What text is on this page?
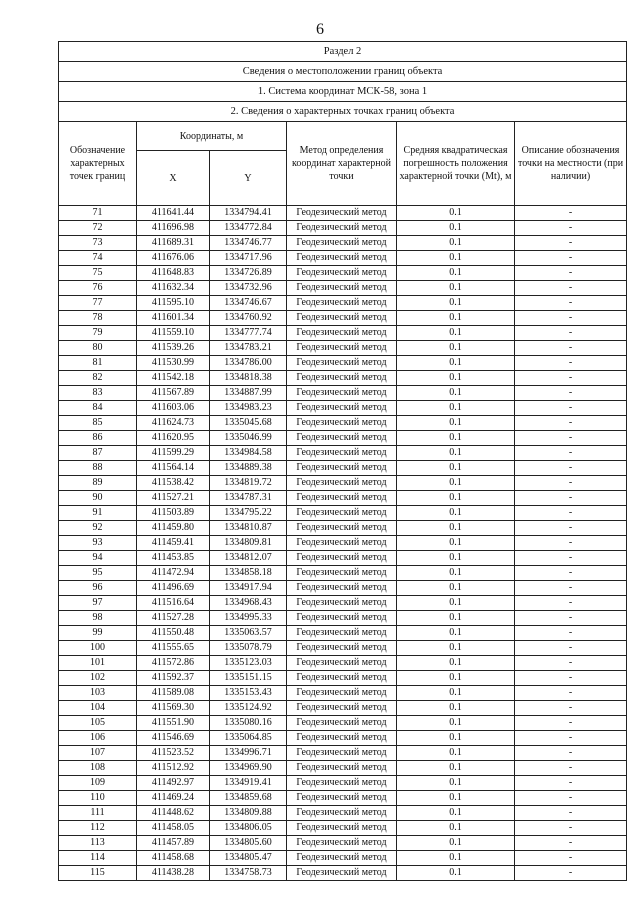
6
Раздел 2					
Сведения о местоположении границ объекта					
1. Система координат МСК-58, зона 1					
2. Сведения о характерных точках границ объекта					
Обозначение характерных точек границ	Координаты, м		Метод определения координат характерной точки	Средняя квадратическая погрешность положения характерной точки (Mt), м	Описание обозначения точки на местности (при наличии)
	X	Y			
71	411641.44	1334794.41	Геодезический метод	0.1	-
72	411696.98	1334772.84	Геодезический метод	0.1	-
73	411689.31	1334746.77	Геодезический метод	0.1	-
74	411676.06	1334717.96	Геодезический метод	0.1	-
75	411648.83	1334726.89	Геодезический метод	0.1	-
76	411632.34	1334732.96	Геодезический метод	0.1	-
77	411595.10	1334746.67	Геодезический метод	0.1	-
78	411601.34	1334760.92	Геодезический метод	0.1	-
79	411559.10	1334777.74	Геодезический метод	0.1	-
80	411539.26	1334783.21	Геодезический метод	0.1	-
81	411530.99	1334786.00	Геодезический метод	0.1	-
82	411542.18	1334818.38	Геодезический метод	0.1	-
83	411567.89	1334887.99	Геодезический метод	0.1	-
84	411603.06	1334983.23	Геодезический метод	0.1	-
85	411624.73	1335045.68	Геодезический метод	0.1	-
86	411620.95	1335046.99	Геодезический метод	0.1	-
87	411599.29	1334984.58	Геодезический метод	0.1	-
88	411564.14	1334889.38	Геодезический метод	0.1	-
89	411538.42	1334819.72	Геодезический метод	0.1	-
90	411527.21	1334787.31	Геодезический метод	0.1	-
91	411503.89	1334795.22	Геодезический метод	0.1	-
92	411459.80	1334810.87	Геодезический метод	0.1	-
93	411459.41	1334809.81	Геодезический метод	0.1	-
94	411453.85	1334812.07	Геодезический метод	0.1	-
95	411472.94	1334858.18	Геодезический метод	0.1	-
96	411496.69	1334917.94	Геодезический метод	0.1	-
97	411516.64	1334968.43	Геодезический метод	0.1	-
98	411527.28	1334995.33	Геодезический метод	0.1	-
99	411550.48	1335063.57	Геодезический метод	0.1	-
100	411555.65	1335078.79	Геодезический метод	0.1	-
101	411572.86	1335123.03	Геодезический метод	0.1	-
102	411592.37	1335151.15	Геодезический метод	0.1	-
103	411589.08	1335153.43	Геодезический метод	0.1	-
104	411569.30	1335124.92	Геодезический метод	0.1	-
105	411551.90	1335080.16	Геодезический метод	0.1	-
106	411546.69	1335064.85	Геодезический метод	0.1	-
107	411523.52	1334996.71	Геодезический метод	0.1	-
108	411512.92	1334969.90	Геодезический метод	0.1	-
109	411492.97	1334919.41	Геодезический метод	0.1	-
110	411469.24	1334859.68	Геодезический метод	0.1	-
111	411448.62	1334809.88	Геодезический метод	0.1	-
112	411458.05	1334806.05	Геодезический метод	0.1	-
113	411457.89	1334805.60	Геодезический метод	0.1	-
114	411458.68	1334805.47	Геодезический метод	0.1	-
115	411438.28	1334758.73	Геодезический метод	0.1	-
